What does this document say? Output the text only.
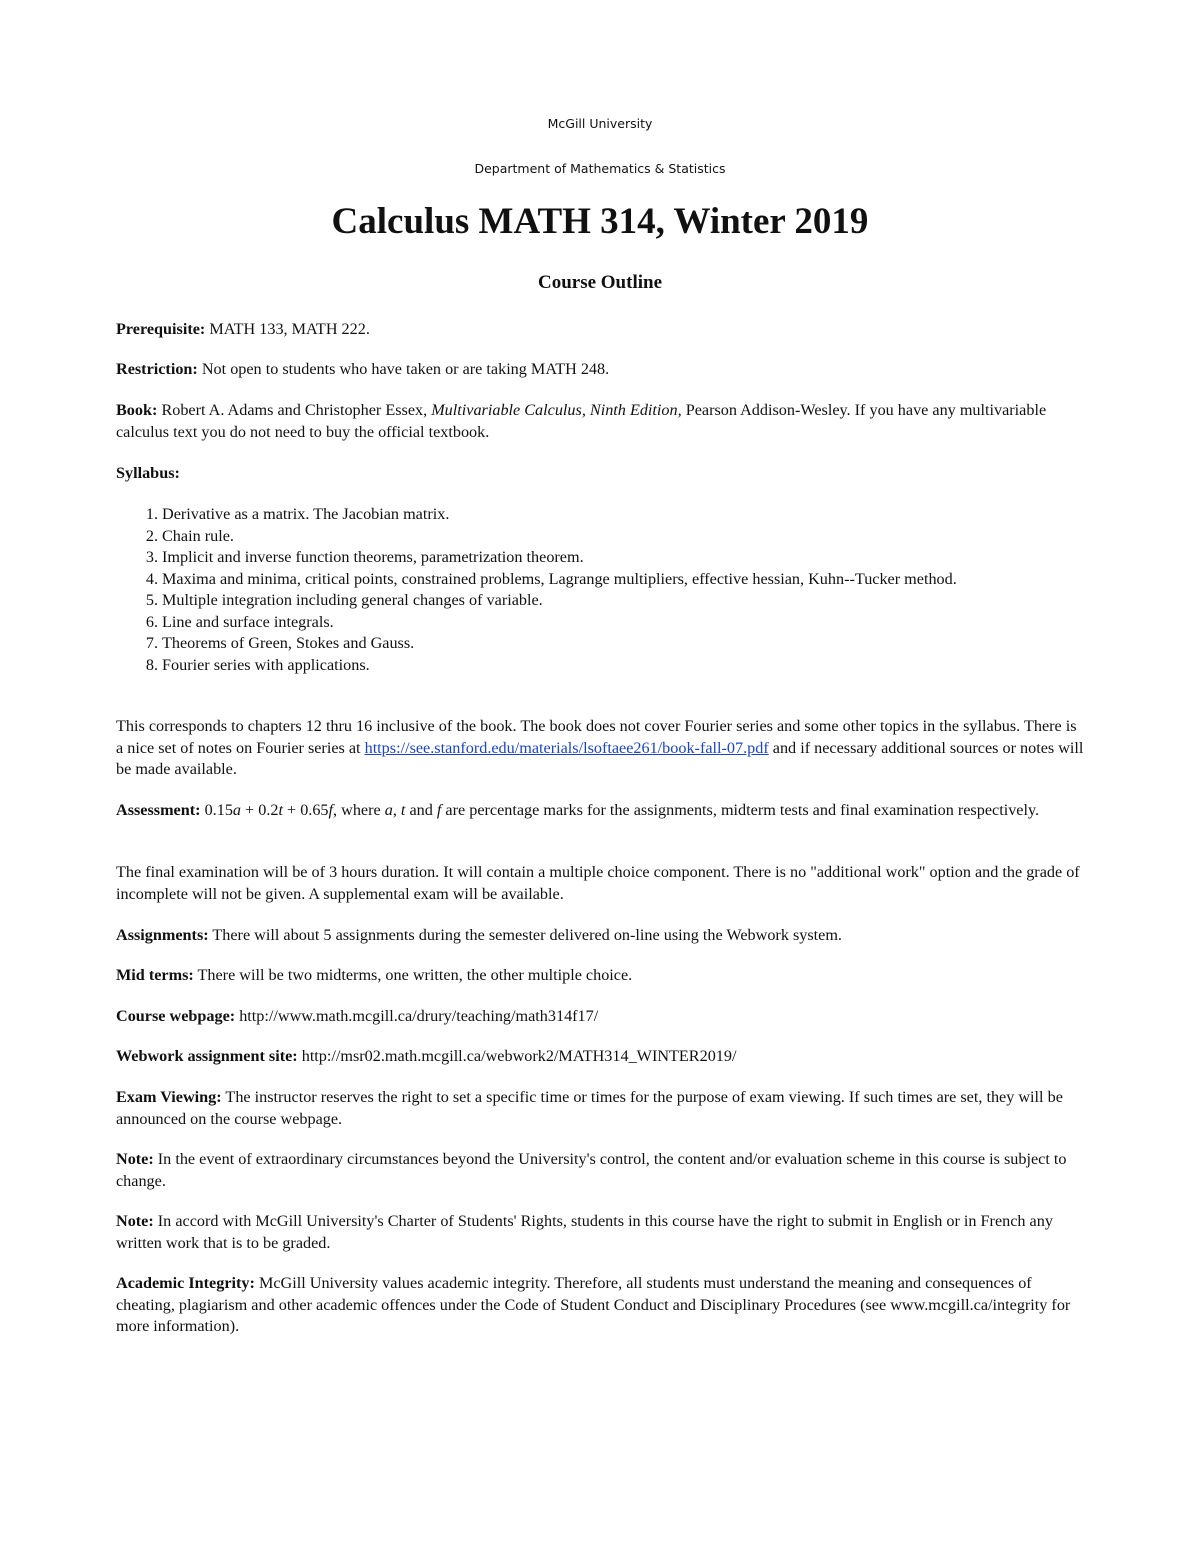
McGill University
Department of Mathematics & Statistics
Calculus MATH 314, Winter 2019
Course Outline

Prerequisite: MATH 133, MATH 222.

Restriction: Not open to students who have taken or are taking MATH 248.

Book: Robert A. Adams and Christopher Essex, Multivariable Calculus, Ninth Edition, Pearson Addison-Wesley. If you have any multivariable calculus text you do not need to buy the official textbook.

Syllabus:

1. Derivative as a matrix. The Jacobian matrix.
2. Chain rule.
3. Implicit and inverse function theorems, parametrization theorem.
4. Maxima and minima, critical points, constrained problems, Lagrange multipliers, effective hessian, Kuhn--Tucker method.
5. Multiple integration including general changes of variable.
6. Line and surface integrals.
7. Theorems of Green, Stokes and Gauss.
8. Fourier series with applications.

This corresponds to chapters 12 thru 16 inclusive of the book. The book does not cover Fourier series and some other topics in the syllabus. There is a nice set of notes on Fourier series at https://see.stanford.edu/materials/lsoftaee261/book-fall-07.pdf and if necessary additional sources or notes will be made available.

Assessment: 0.15a + 0.2t + 0.65f, where a, t and f are percentage marks for the assignments, midterm tests and final examination respectively.

The final examination will be of 3 hours duration. It will contain a multiple choice component. There is no "additional work" option and the grade of incomplete will not be given. A supplemental exam will be available.

Assignments: There will about 5 assignments during the semester delivered on-line using the Webwork system.

Mid terms: There will be two midterms, one written, the other multiple choice.

Course webpage: http://www.math.mcgill.ca/drury/teaching/math314f17/

Webwork assignment site: http://msr02.math.mcgill.ca/webwork2/MATH314_WINTER2019/

Exam Viewing: The instructor reserves the right to set a specific time or times for the purpose of exam viewing. If such times are set, they will be announced on the course webpage.

Note: In the event of extraordinary circumstances beyond the University's control, the content and/or evaluation scheme in this course is subject to change.

Note: In accord with McGill University's Charter of Students' Rights, students in this course have the right to submit in English or in French any written work that is to be graded.

Academic Integrity: McGill University values academic integrity. Therefore, all students must understand the meaning and consequences of cheating, plagiarism and other academic offences under the Code of Student Conduct and Disciplinary Procedures (see www.mcgill.ca/integrity for more information).
